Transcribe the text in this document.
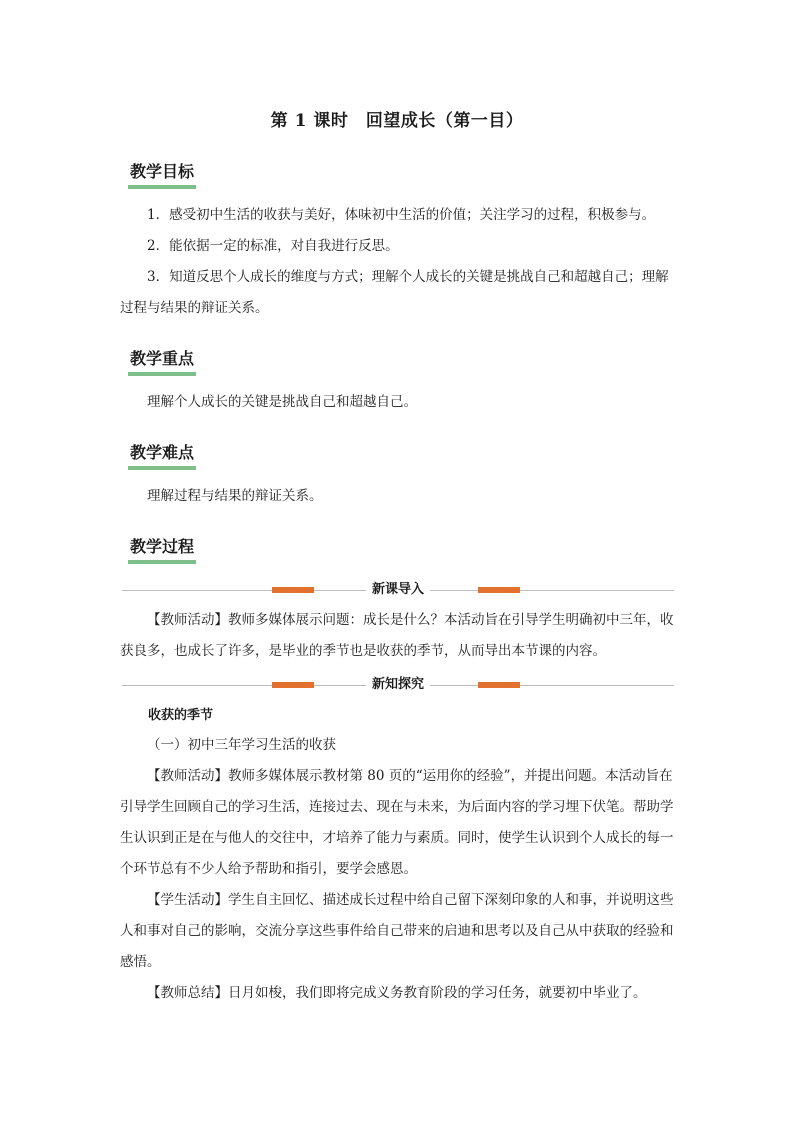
第 1 课时　回望成长（第一目）
教学目标
1．感受初中生活的收获与美好，体味初中生活的价值；关注学习的过程，积极参与。
2．能依据一定的标准，对自我进行反思。
3．知道反思个人成长的维度与方式；理解个人成长的关键是挑战自己和超越自己；理解过程与结果的辩证关系。
教学重点
理解个人成长的关键是挑战自己和超越自己。
教学难点
理解过程与结果的辩证关系。
教学过程
新课导入
【教师活动】教师多媒体展示问题：成长是什么？本活动旨在引导学生明确初中三年，收获良多，也成长了许多，是毕业的季节也是收获的季节，从而导出本节课的内容。
新知探究
收获的季节
（一）初中三年学习生活的收获
【教师活动】教师多媒体展示教材第 80 页的“运用你的经验”，并提出问题。本活动旨在引导学生回顾自己的学习生活，连接过去、现在与未来，为后面内容的学习埋下伏笔。帮助学生认识到正是在与他人的交往中，才培养了能力与素质。同时，使学生认识到个人成长的每一个环节总有不少人给予帮助和指引，要学会感恩。
【学生活动】学生自主回忆、描述成长过程中给自己留下深刻印象的人和事，并说明这些人和事对自己的影响，交流分享这些事件给自己带来的启迪和思考以及自己从中获取的经验和感悟。
【教师总结】日月如梭，我们即将完成义务教育阶段的学习任务，就要初中毕业了。
